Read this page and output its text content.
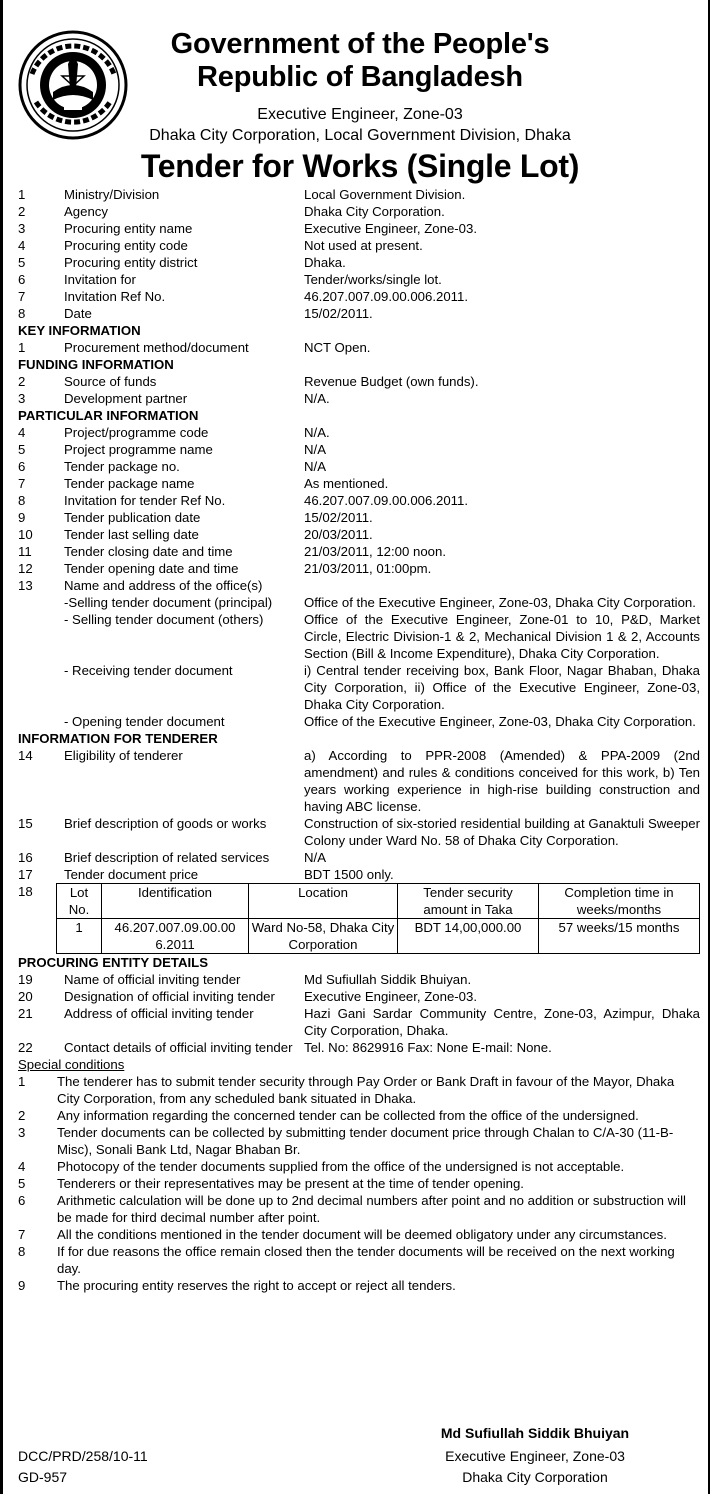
Government of the People's
Republic of Bangladesh
Executive Engineer, Zone-03
Dhaka City Corporation, Local Government Division, Dhaka
Tender for Works (Single Lot)
1	Ministry/Division	Local Government Division.
2	Agency	Dhaka City Corporation.
3	Procuring entity name	Executive Engineer, Zone-03.
4	Procuring entity code	Not used at present.
5	Procuring entity district	Dhaka.
6	Invitation for	Tender/works/single lot.
7	Invitation Ref No.	46.207.007.09.00.006.2011.
8	Date	15/02/2011.
KEY INFORMATION
1	Procurement method/document	NCT Open.
FUNDING INFORMATION
2	Source of funds	Revenue Budget (own funds).
3	Development partner	N/A.
PARTICULAR INFORMATION
4	Project/programme code	N/A.
5	Project programme name	N/A
6	Tender package no.	N/A
7	Tender package name	As mentioned.
8	Invitation for tender Ref No.	46.207.007.09.00.006.2011.
9	Tender publication date	15/02/2011.
10	Tender last selling date	20/03/2011.
11	Tender closing date and time	21/03/2011, 12:00 noon.
12	Tender opening date and time	21/03/2011, 01:00pm.
13	Name and address of the office(s)
-Selling tender document (principal)	Office of the Executive Engineer, Zone-03, Dhaka City Corporation.
- Selling tender document (others)	Office of the Executive Engineer, Zone-01 to 10, P&D, Market Circle, Electric Division-1 & 2, Mechanical Division 1 & 2, Accounts Section (Bill & Income Expenditure), Dhaka City Corporation.
- Receiving tender document	i) Central tender receiving box, Bank Floor, Nagar Bhaban, Dhaka City Corporation, ii) Office of the Executive Engineer, Zone-03, Dhaka City Corporation.
- Opening tender document	Office of the Executive Engineer, Zone-03, Dhaka City Corporation.
INFORMATION FOR TENDERER
14	Eligibility of tenderer	a) According to PPR-2008 (Amended) & PPA-2009 (2nd amendment) and rules & conditions conceived for this work, b) Ten years working experience in high-rise building construction and having ABC license.
15	Brief description of goods or works	Construction of six-storied residential building at Ganaktuli Sweeper Colony under Ward No. 58 of Dhaka City Corporation.
16	Brief description of related services	N/A
17	Tender document price	BDT 1500 only.
18	Lot No.	Identification	Location	Tender security amount in Taka	Completion time in weeks/months
1	46.207.007.09.00.00 6.2011	Ward No-58, Dhaka City Corporation	BDT 14,00,000.00	57 weeks/15 months
PROCURING ENTITY DETAILS
19	Name of official inviting tender	Md Sufiullah Siddik Bhuiyan.
20	Designation of official inviting tender	Executive Engineer, Zone-03.
21	Address of official inviting tender	Hazi Gani Sardar Community Centre, Zone-03, Azimpur, Dhaka City Corporation, Dhaka.
22	Contact details of official inviting tender Tel. No: 8629916 Fax: None E-mail: None.
Special conditions
1	The tenderer has to submit tender security through Pay Order or Bank Draft in favour of the Mayor, Dhaka City Corporation, from any scheduled bank situated in Dhaka.
2	Any information regarding the concerned tender can be collected from the office of the undersigned.
3	Tender documents can be collected by submitting tender document price through Chalan to C/A-30 (11-B-Misc), Sonali Bank Ltd, Nagar Bhaban Br.
4	Photocopy of the tender documents supplied from the office of the undersigned is not acceptable.
5	Tenderers or their representatives may be present at the time of tender opening.
6	Arithmetic calculation will be done up to 2nd decimal numbers after point and no addition or substruction will be made for third decimal number after point.
7	All the conditions mentioned in the tender document will be deemed obligatory under any circumstances.
8	If for due reasons the office remain closed then the tender documents will be received on the next working day.
9	The procuring entity reserves the right to accept or reject all tenders.
Md Sufiullah Siddik Bhuiyan
Executive Engineer, Zone-03
Dhaka City Corporation
DCC/PRD/258/10-11
GD-957
